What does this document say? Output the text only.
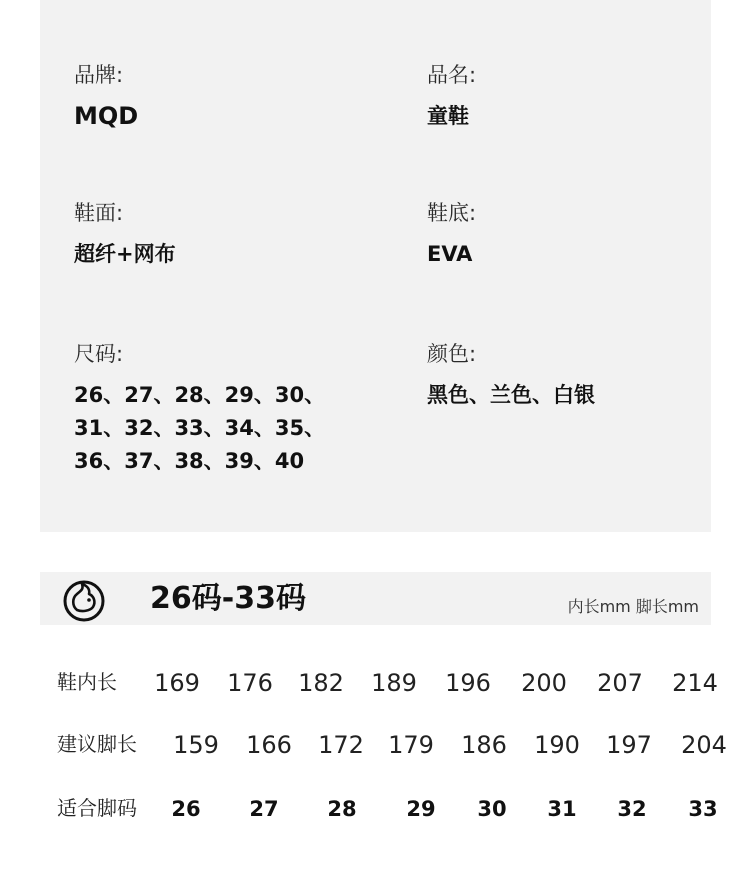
品牌:
MQD
品名:
童鞋
鞋面:
超纤+网布
鞋底:
EVA
尺码:
26、27、28、29、30、
31、32、33、34、35、
36、37、38、39、40
颜色:
黑色、兰色、白银
26码-33码	内长mm 脚长mm
鞋内长 169 176 182 189 196 200 207 214
建议脚长 159 166 172 179 186 190 197 204
适合脚码 26 27 28 29 30 31 32 33
